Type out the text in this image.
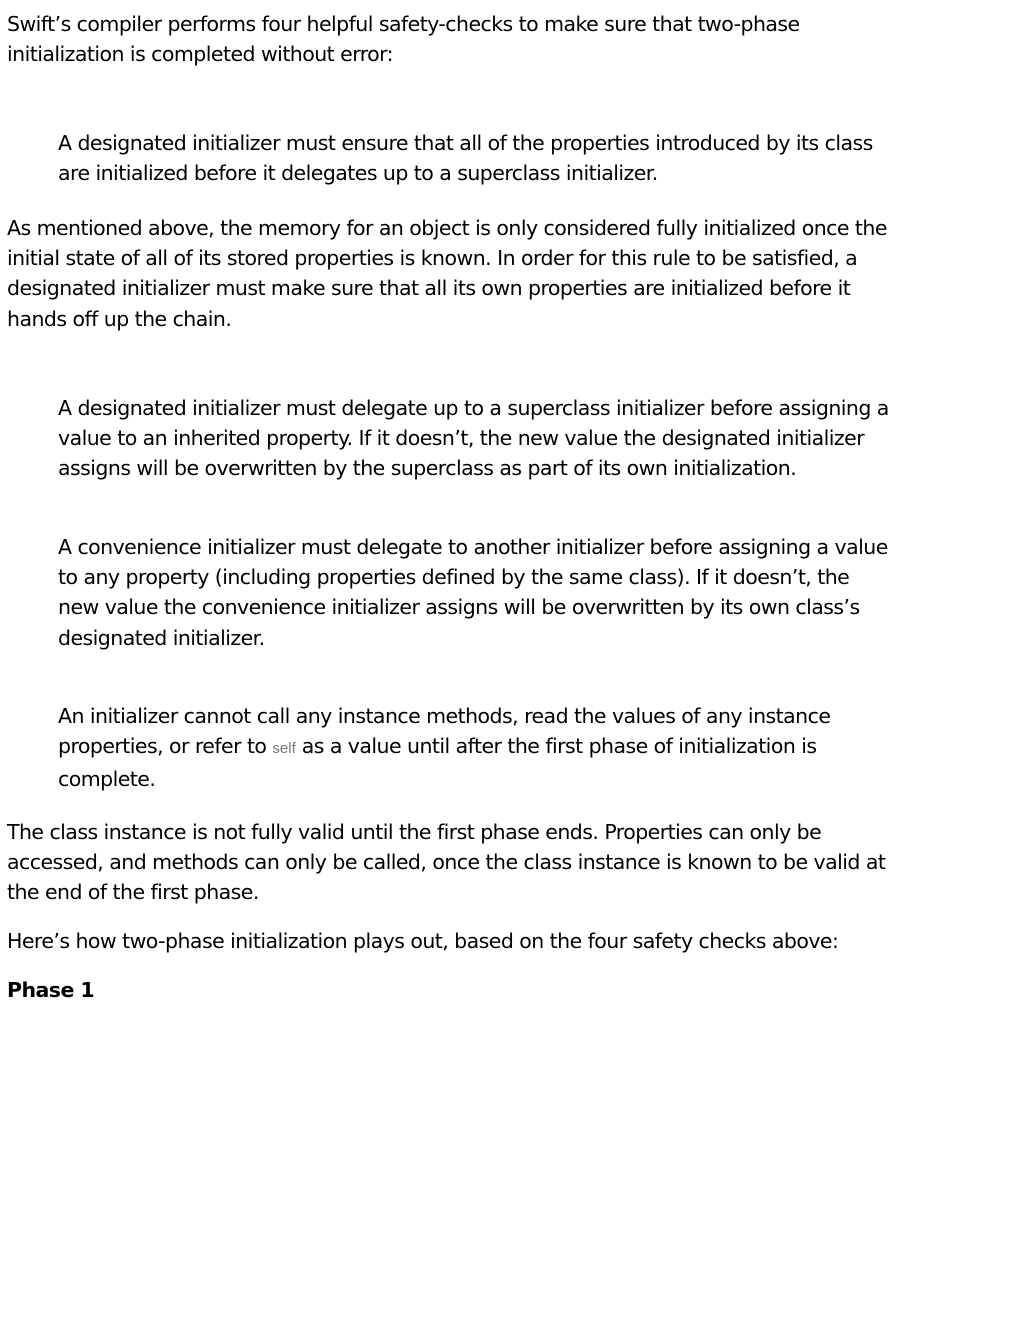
Swift’s compiler performs four helpful safety-checks to make sure that two-phase
initialization is completed without error:
A designated initializer must ensure that all of the properties introduced by its class
are initialized before it delegates up to a superclass initializer.
As mentioned above, the memory for an object is only considered fully initialized once the
initial state of all of its stored properties is known. In order for this rule to be satisfied, a
designated initializer must make sure that all its own properties are initialized before it
hands off up the chain.
A designated initializer must delegate up to a superclass initializer before assigning a
value to an inherited property. If it doesn’t, the new value the designated initializer
assigns will be overwritten by the superclass as part of its own initialization.
A convenience initializer must delegate to another initializer before assigning a value
to any property (including properties defined by the same class). If it doesn’t, the
new value the convenience initializer assigns will be overwritten by its own class’s
designated initializer.
An initializer cannot call any instance methods, read the values of any instance
properties, or refer to self as a value until after the first phase of initialization is
complete.
The class instance is not fully valid until the first phase ends. Properties can only be
accessed, and methods can only be called, once the class instance is known to be valid at
the end of the first phase.
Here’s how two-phase initialization plays out, based on the four safety checks above:
Phase 1
